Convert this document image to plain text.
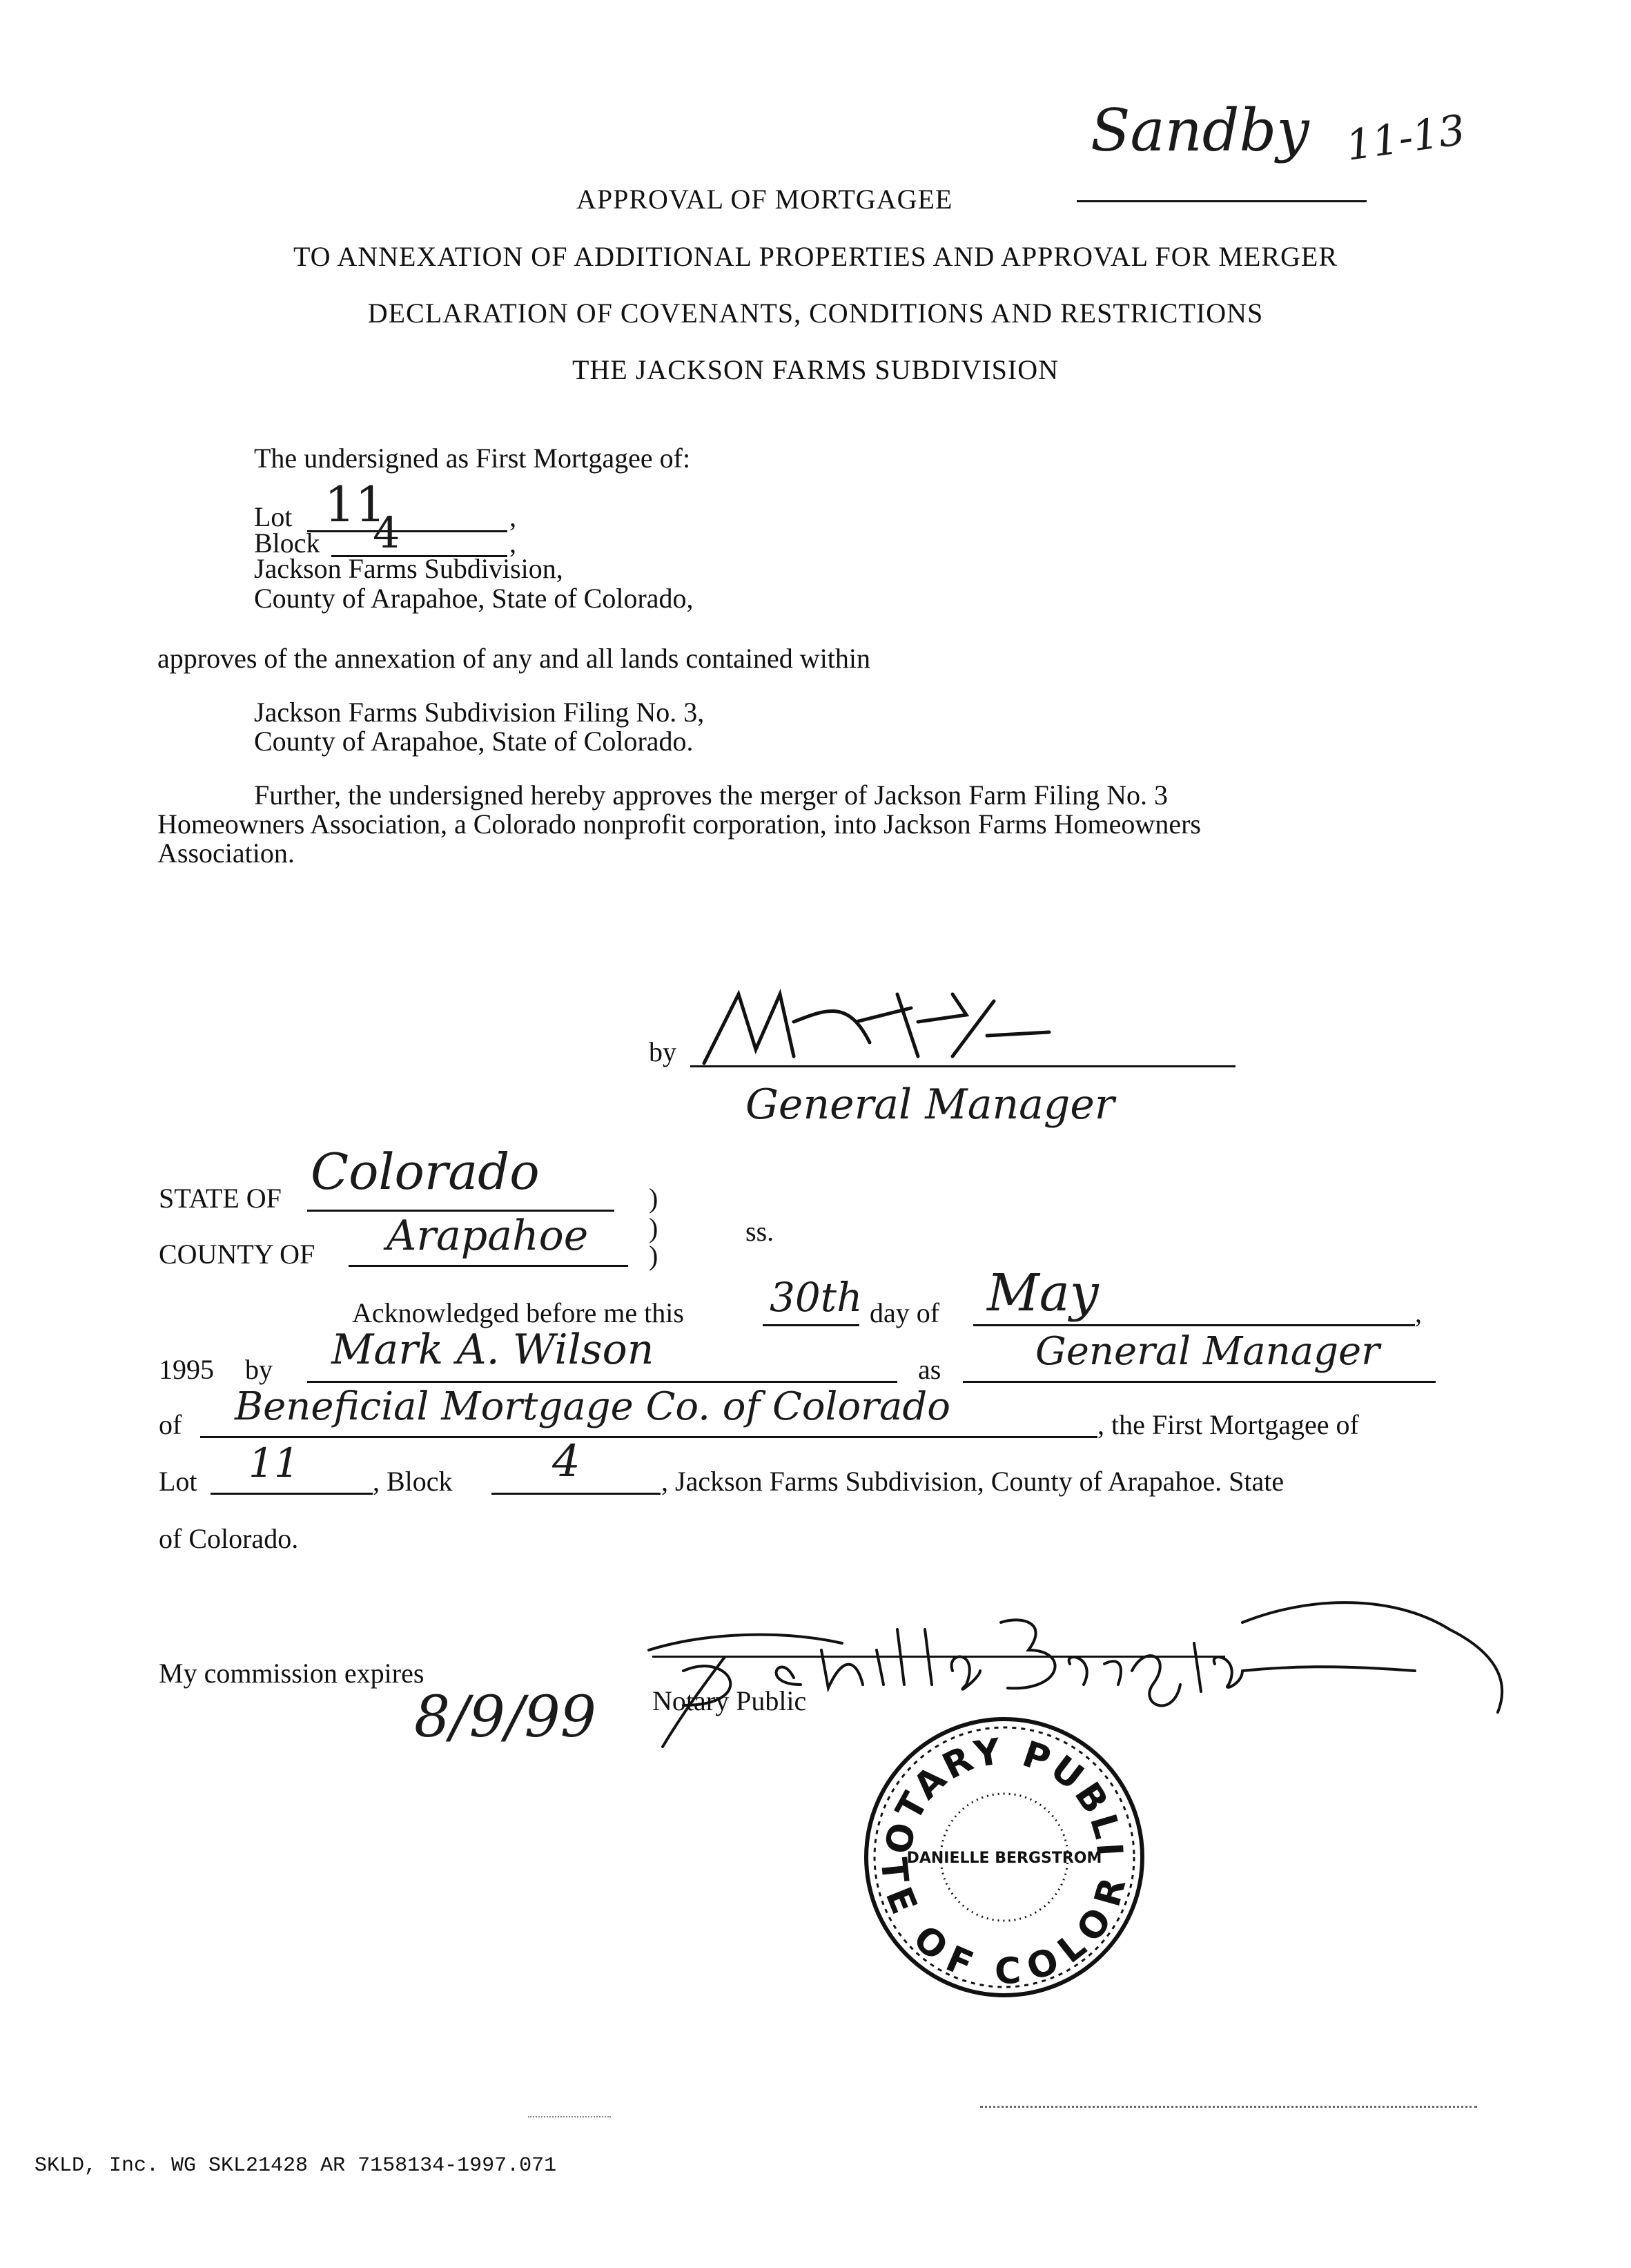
Sandby 11-13
APPROVAL OF MORTGAGEE
TO ANNEXATION OF ADDITIONAL PROPERTIES AND APPROVAL FOR MERGER
DECLARATION OF COVENANTS, CONDITIONS AND RESTRICTIONS
THE JACKSON FARMS SUBDIVISION
The undersigned as First Mortgagee of:
Lot 11	,
Block 4	,
Jackson Farms Subdivision,
County of Arapahoe, State of Colorado,
approves of the annexation of any and all lands contained within
Jackson Farms Subdivision Filing No. 3,
County of Arapahoe, State of Colorado.
Further, the undersigned hereby approves the merger of Jackson Farm Filing No. 3
Homeowners Association, a Colorado nonprofit corporation, into Jackson Farms Homeowners
Association.
by
General Manager
STATE OF Colorado	)
COUNTY OF Arapahoe )
)
ss.
Acknowledged before me this 30th day of May	,
199 5 by Mark A. Wilson	as General Manager
of Beneficial Mortgage Co. of Colorado	, the First Mortgagee of
Lot 11	, Block 4	, Jackson Farms Subdivision, County of Arapahoe. State
of Colorado.
My commission expires
8/9/99 Notary Public
OTARY PUBLI
TE OF COLOR
DANIELLE BERGSTROM
SKLD, Inc. WG SKL21428 AR 7158134-1997.071
